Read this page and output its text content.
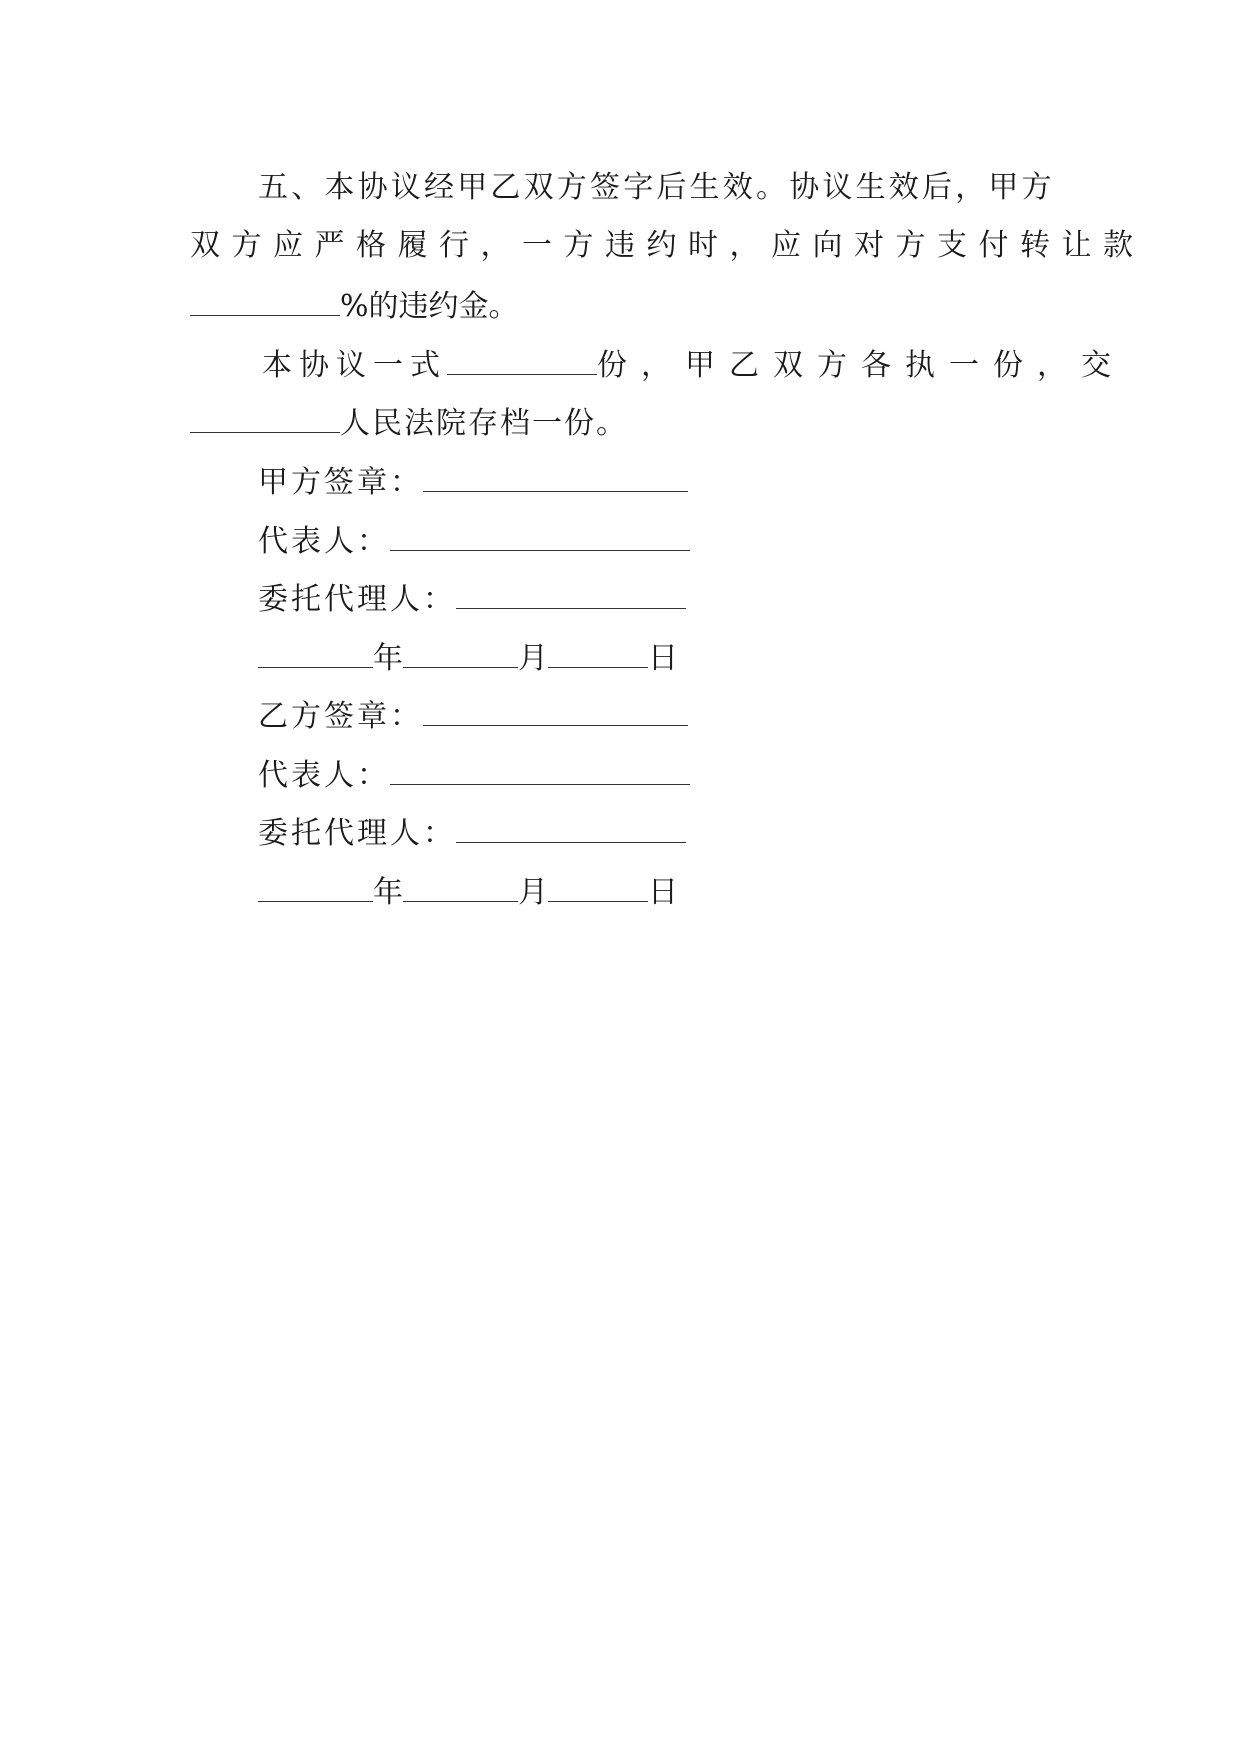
五、本协议经甲乙双方签字后生效。协议生效后，甲方
双方应严格履行，一方违约时，应向对方支付转让款
%的违约金。
本协议一式	份，甲乙双方各执一份，交
人民法院存档一份。
甲方签章：
代表人：
委托代理人：
年	月	日
乙方签章：
代表人：
委托代理人：
年	月	日
